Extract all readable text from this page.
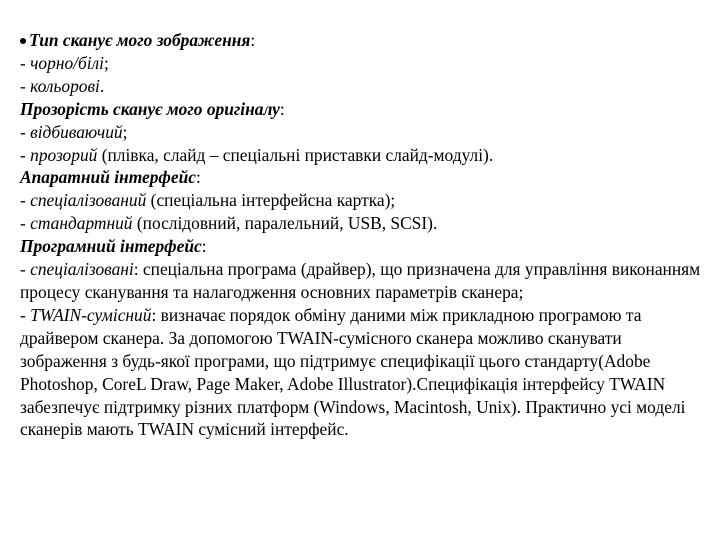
Тип сканує мого зображення:
- чорно/білі;
- кольорові.
Прозорість сканує мого оригіналу:
- відбиваючий;
- прозорий (плівка, слайд – спеціальні приставки слайд-модулі).
Апаратний інтерфейс:
- спеціалізований (спеціальна інтерфейсна картка);
- стандартний (послідовний, паралельний, USB, SCSI).
Програмний інтерфейс:
- спеціалізовані: спеціальна програма (драйвер), що призначена для управління виконанням процесу сканування та налагодження основних параметрів сканера;
- TWAIN-сумісний: визначає порядок обміну даними між прикладною програмою та драйвером сканера. За допомогою TWAIN-сумісного сканера можливо сканувати зображення з будь-якої програми, що підтримує специфікації цього стандарту(Adobe Photoshop, CoreL Draw, Page Maker, Adobe Illustrator).Специфікація інтерфейсу TWAIN забезпечує підтримку різних платформ (Windows, Macintosh, Unix). Практично усі моделі сканерів мають TWAIN сумісний інтерфейс.
